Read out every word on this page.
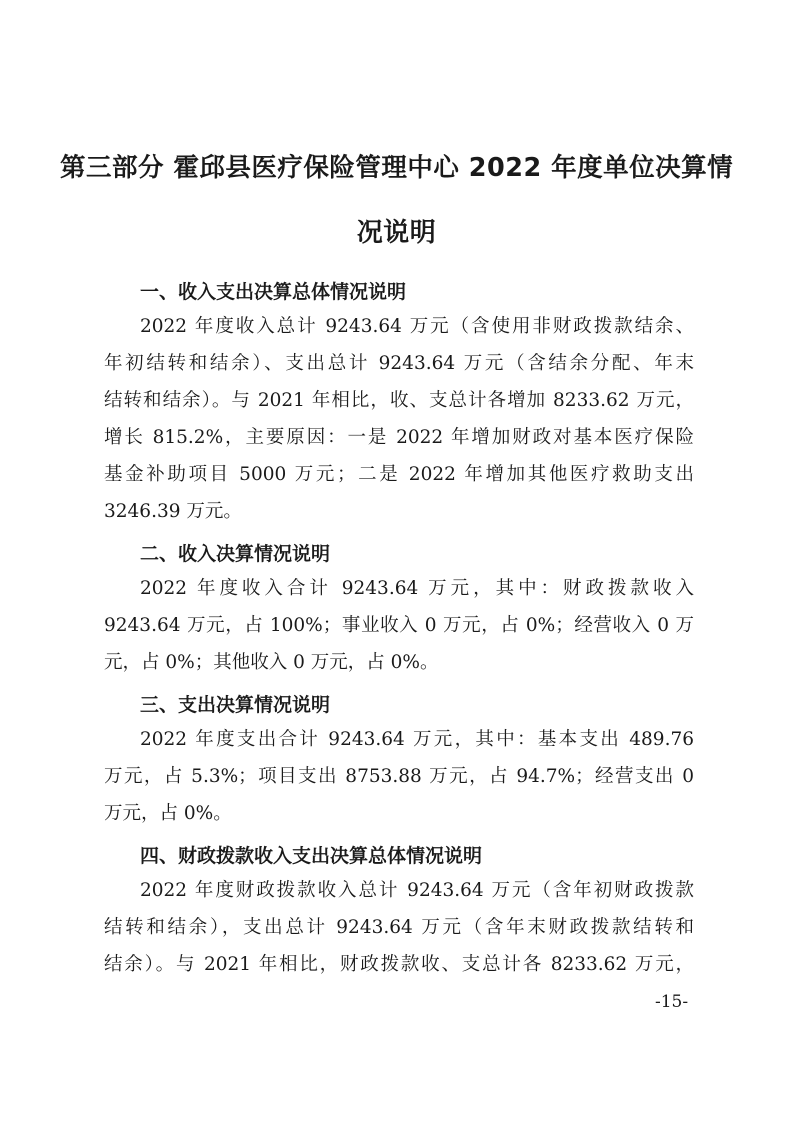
第三部分 霍邱县医疗保险管理中心 2022 年度单位决算情
况说明
一、收入支出决算总体情况说明

2022 年度收入总计 9243.64 万元（含使用非财政拨款结余、

年初结转和结余）、支出总计 9243.64 万元（含结余分配、年末

结转和结余）。与 2021 年相比，收、支总计各增加 8233.62 万元，

增长 815.2%，主要原因：一是 2022 年增加财政对基本医疗保险

基金补助项目 5000 万元；二是 2022 年增加其他医疗救助支出

3246.39 万元。

二、收入决算情况说明

2022 年度收入合计 9243.64 万元，其中：财政拨款收入

9243.64 万元，占 100%；事业收入 0 万元，占 0%；经营收入 0 万

元，占 0%；其他收入 0 万元，占 0%。

三、支出决算情况说明

2022 年度支出合计 9243.64 万元，其中：基本支出 489.76

万元，占 5.3%；项目支出 8753.88 万元，占 94.7%；经营支出 0

万元，占 0%。

四、财政拨款收入支出决算总体情况说明

2022 年度财政拨款收入总计 9243.64 万元（含年初财政拨款

结转和结余），支出总计 9243.64 万元（含年末财政拨款结转和

结余）。与 2021 年相比，财政拨款收、支总计各 8233.62 万元，

-15-
